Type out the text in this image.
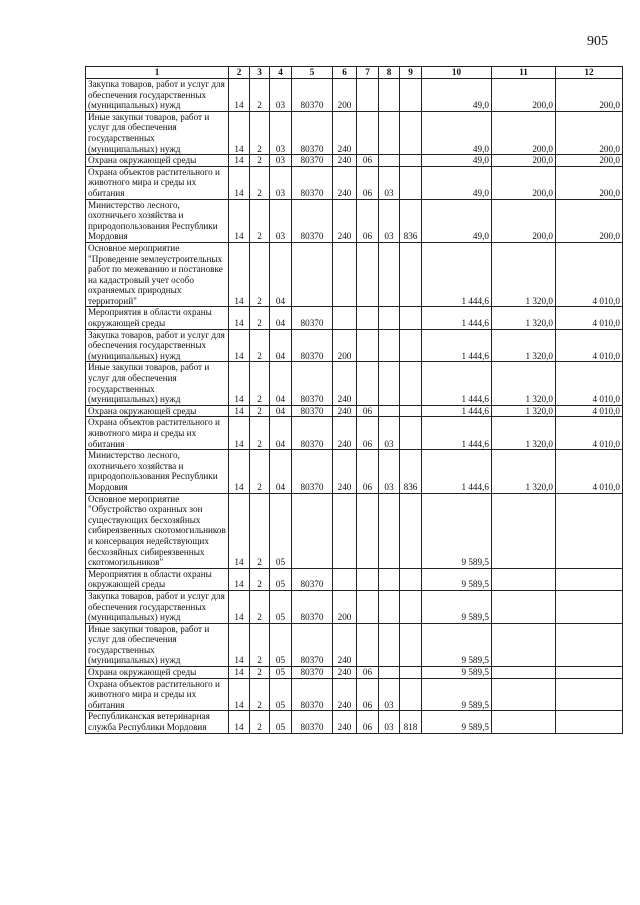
905
1	2	3	4	5	6	7	8	9	10	11	12
Закупка товаров, работ и услуг для обеспечения государственных (муниципальных) нужд	14	2	03	80370	200				49,0	200,0	200,0
Иные закупки товаров, работ и услуг для обеспечения государственных (муниципальных) нужд	14	2	03	80370	240				49,0	200,0	200,0
Охрана окружающей среды	14	2	03	80370	240	06			49,0	200,0	200,0
Охрана объектов растительного и животного мира и среды их обитания	14	2	03	80370	240	06	03		49,0	200,0	200,0
Министерство лесного, охотничьего хозяйства и природопользования Республики Мордовия	14	2	03	80370	240	06	03	836	49,0	200,0	200,0
Основное мероприятие "Проведение землеустроительных работ по межеванию и постановке на кадастровый учет особо охраняемых природных территорий"	14	2	04						1 444,6	1 320,0	4 010,0
Мероприятия в области охраны окружающей среды	14	2	04	80370					1 444,6	1 320,0	4 010,0
Закупка товаров, работ и услуг для обеспечения государственных (муниципальных) нужд	14	2	04	80370	200				1 444,6	1 320,0	4 010,0
Иные закупки товаров, работ и услуг для обеспечения государственных (муниципальных) нужд	14	2	04	80370	240				1 444,6	1 320,0	4 010,0
Охрана окружающей среды	14	2	04	80370	240	06			1 444,6	1 320,0	4 010,0
Охрана объектов растительного и животного мира и среды их обитания	14	2	04	80370	240	06	03		1 444,6	1 320,0	4 010,0
Министерство лесного, охотничьего хозяйства и природопользования Республики Мордовия	14	2	04	80370	240	06	03	836	1 444,6	1 320,0	4 010,0
Основное мероприятие "Обустройство охранных зон существующих бесхозяйных сибиреязвенных скотомогильников и консервация недействующих бесхозяйных сибиреязвенных скотомогильников"	14	2	05						9 589,5		
Мероприятия в области охраны окружающей среды	14	2	05	80370					9 589,5		
Закупка товаров, работ и услуг для обеспечения государственных (муниципальных) нужд	14	2	05	80370	200				9 589,5		
Иные закупки товаров, работ и услуг для обеспечения государственных (муниципальных) нужд	14	2	05	80370	240				9 589,5		
Охрана окружающей среды	14	2	05	80370	240	06			9 589,5		
Охрана объектов растительного и животного мира и среды их обитания	14	2	05	80370	240	06	03		9 589,5		
Республиканская ветеринарная служба Республики Мордовия	14	2	05	80370	240	06	03	818	9 589,5		
